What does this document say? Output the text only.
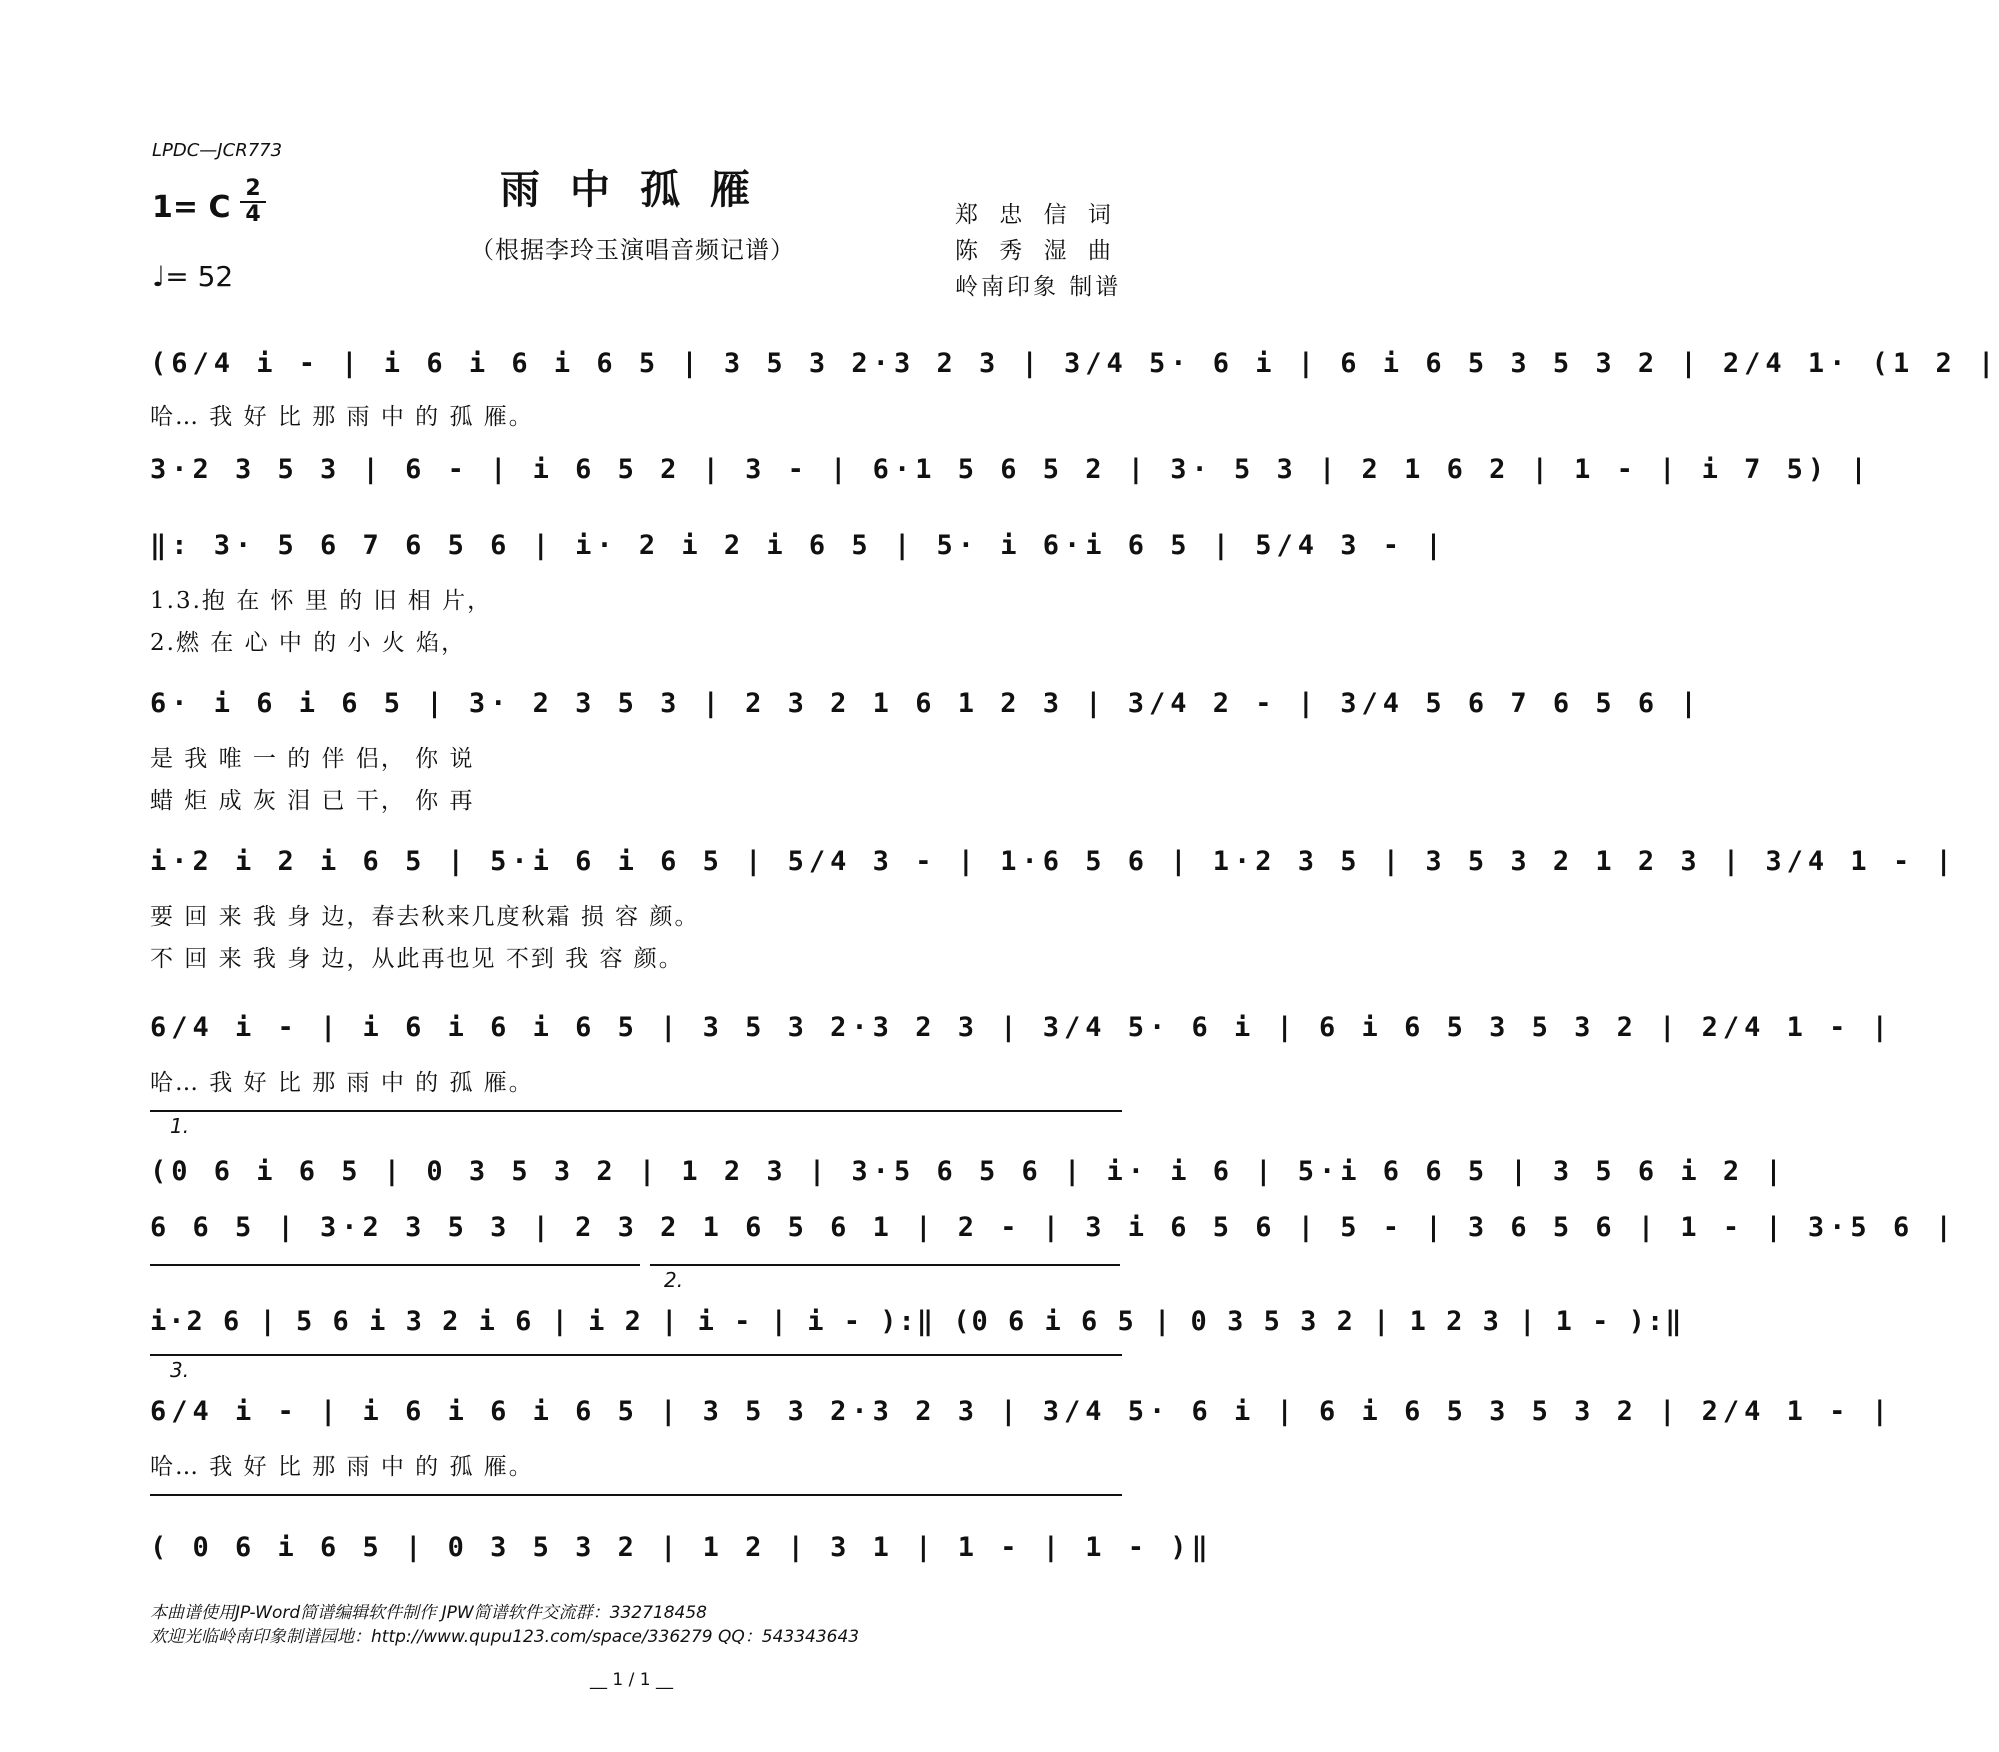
LPDC—JCR773
1= C
2
4
♩= 52
雨中孤雁
（根据李玲玉演唱音频记谱）
郑 忠 信 词
陈 秀 湿 曲
岭南印象 制谱
(6/4 i - | i 6 i 6 i 6 5 | 3 5 3 2·3 2 3 | 3/4 5· 6 i | 6 i 6 5 3 5 3 2 | 2/4 1· (1 2 |
哈… 我 好 比 那 雨 中 的 孤 雁。
3·2 3 5 3 | 6 - | i 6 5 2 | 3 - | 6·1 5 6 5 2 | 3· 5 3 | 2 1 6 2 | 1 - | i 7 5) |
‖: 3· 5 6 7 6 5 6 | i· 2 i 2 i 6 5 | 5· i 6·i 6 5 | 5/4 3 - |
1.3.抱 在 怀 里 的 旧 相 片，
2.燃 在 心 中 的 小 火 焰，
6· i 6 i 6 5 | 3· 2 3 5 3 | 2 3 2 1 6 1 2 3 | 3/4 2 - | 3/4 5 6 7 6 5 6 |
是 我 唯 一 的 伴 侣， 你 说
蜡 炬 成 灰 泪 已 干， 你 再
i·2 i 2 i 6 5 | 5·i 6 i 6 5 | 5/4 3 - | 1·6 5 6 | 1·2 3 5 | 3 5 3 2 1 2 3 | 3/4 1 - |
要 回 来 我 身 边，春去秋来几度秋霜 损 容 颜。
不 回 来 我 身 边，从此再也见 不到 我 容 颜。
6/4 i - | i 6 i 6 i 6 5 | 3 5 3 2·3 2 3 | 3/4 5· 6 i | 6 i 6 5 3 5 3 2 | 2/4 1 - |
哈… 我 好 比 那 雨 中 的 孤 雁。
1.
(0 6 i 6 5 | 0 3 5 3 2 | 1 2 3 | 3·5 6 5 6 | i· i 6 | 5·i 6 6 5 | 3 5 6 i 2 |
6 6 5 | 3·2 3 5 3 | 2 3 2 1 6 5 6 1 | 2 - | 3 i 6 5 6 | 5 - | 3 6 5 6 | 1 - | 3·5 6 |
2.
i·2 6 | 5 6 i 3 2 i 6 | i 2 | i - | i - ):‖ (0 6 i 6 5 | 0 3 5 3 2 | 1 2 3 | 1 - ):‖
3.
6/4 i - | i 6 i 6 i 6 5 | 3 5 3 2·3 2 3 | 3/4 5· 6 i | 6 i 6 5 3 5 3 2 | 2/4 1 - |
哈… 我 好 比 那 雨 中 的 孤 雁。
( 0 6 i 6 5 | 0 3 5 3 2 | 1 2 | 3 1 | 1 - | 1 - )‖
本曲谱使用JP-Word简谱编辑软件制作 JPW简谱软件交流群：332718458
欢迎光临岭南印象制谱园地：http://www.qupu123.com/space/336279 QQ：543343643
__ 1 / 1 __
